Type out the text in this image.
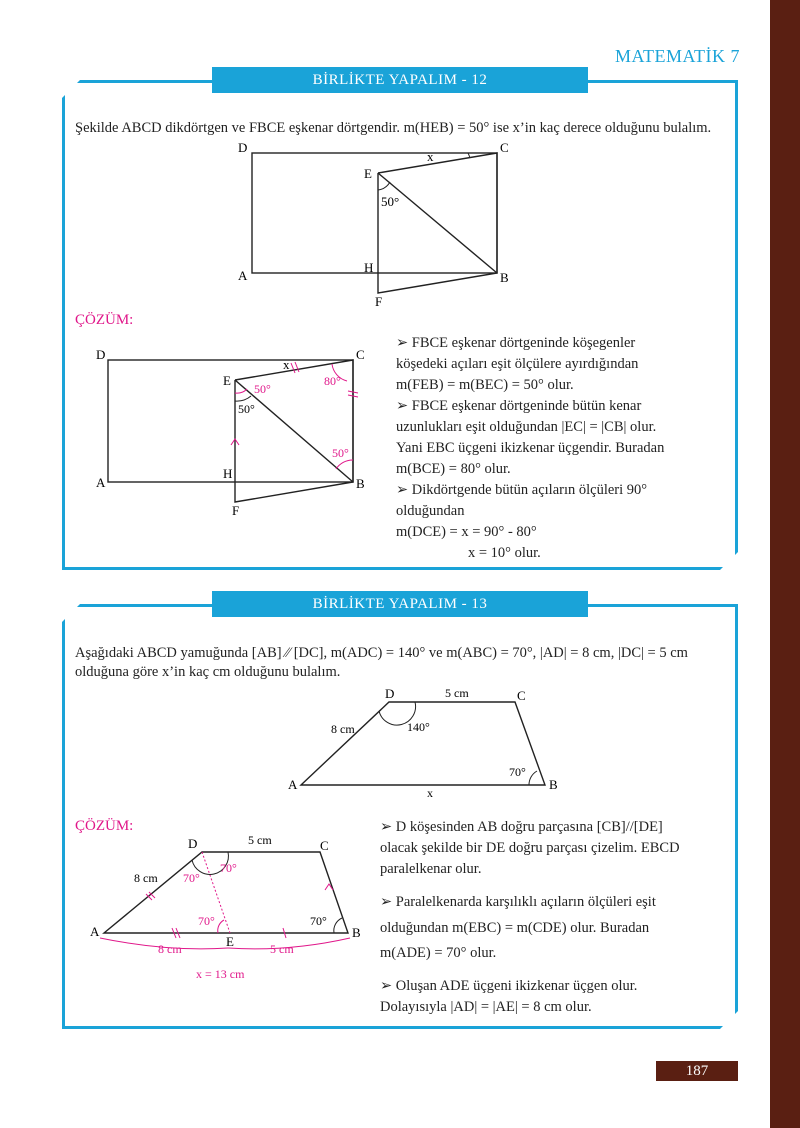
MATEMATİK 7
BİRLİKTE YAPALIM - 12
Şekilde ABCD dikdörtgen ve FBCE eşkenar dörtgendir. m(HEB) = 50° ise x’in kaç derece olduğunu bulalım.
D	C
E
A
H
B
F
x
50°
ÇÖZÜM:
D	C
E
A
H
B
F
x
50°
50°
80°
50°
➢ FBCE eşkenar dörtgeninde köşegenler
köşedeki açıları eşit ölçülere ayırdığından
m(FEB) = m(BEC) = 50° olur.
➢ FBCE eşkenar dörtgeninde bütün kenar
uzunlukları eşit olduğundan |EC| = |CB| olur.
Yani EBC üçgeni ikizkenar üçgendir. Buradan
m(BCE) = 80° olur.
➢ Dikdörtgende bütün açıların ölçüleri 90°
olduğundan
m(DCE) = x = 90° - 80°
x = 10° olur.
BİRLİKTE YAPALIM - 13
Aşağıdaki ABCD yamuğunda [AB] ∕∕ [DC], m(ADC) = 140° ve m(ABC) = 70°, |AD| = 8 cm, |DC| = 5 cm
olduğuna göre x’in kaç cm olduğunu bulalım.
D	C
A	B
x
5 cm
8 cm	140°
70°
ÇÖZÜM:
D	C
A	B
E
5 cm
8 cm 70°
70°
70°	70°
8 cm	5 cm
x = 13 cm
➢ D köşesinden AB doğru parçasına [CB]//[DE]
olacak şekilde bir DE doğru parçası çizelim. EBCD
paralelkenar olur.
➢ Paralelkenarda karşılıklı açıların ölçüleri eşit
olduğundan m(EBC) = m(CDE) olur. Buradan
m(ADE) = 70° olur.
➢ Oluşan ADE üçgeni ikizkenar üçgen olur.
Dolayısıyla |AD| = |AE| = 8 cm olur.
187
